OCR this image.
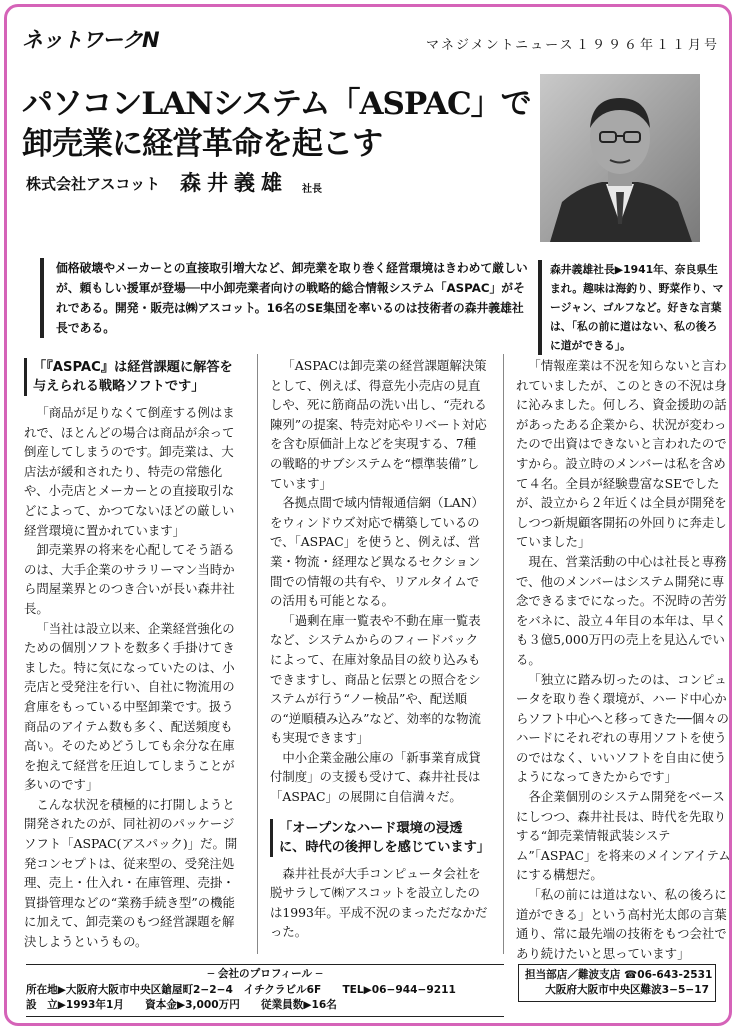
ネットワークN	マネジメントニュース １９９６年１１月号
パソコンLANシステム「ASPAC」で
卸売業に経営革命を起こす
株式会社アスコット 森井義雄 社長
価格破壊やメーカーとの直接取引増大など、卸売業を取り巻く経営環境はきわめて厳しいが、頼もしい援軍が登場──中小卸売業者向けの戦略的総合情報システム「ASPAC」がそれである。開発・販売は㈱アスコット。16名のSE集団を率いるのは技術者の森井義雄社長である。
森井義雄社長▶1941年、奈良県生まれ。趣味は海釣り、野菜作り、マージャン、ゴルフなど。好きな言葉は、「私の前に道はない、私の後ろに道ができる」。
「『ASPAC』は経営課題に解答を与えられる戦略ソフトです」

「商品が足りなくて倒産する例はまれで、ほとんどの場合は商品が余って倒産してしまうのです。卸売業は、大店法が緩和されたり、特売の常態化や、小売店とメーカーとの直接取引などによって、かつてないほどの厳しい経営環境に置かれています」

卸売業界の将来を心配してそう語るのは、大手企業のサラリーマン当時から問屋業界とのつき合いが長い森井社長。

「当社は設立以来、企業経営強化のための個別ソフトを数多く手掛けてきました。特に気になっていたのは、小売店と受発注を行い、自社に物流用の倉庫をもっている中堅卸業です。扱う商品のアイテム数も多く、配送頻度も高い。そのためどうしても余分な在庫を抱えて経営を圧迫してしまうことが多いのです」

こんな状況を積極的に打開しようと開発されたのが、同社初のパッケージソフト「ASPAC(アスパック)」だ。開発コンセプトは、従来型の、受発注処理、売上・仕入れ・在庫管理、売掛・買掛管理などの“業務手続き型”の機能に加えて、卸売業のもつ経営課題を解決しようというもの。

「ASPACは卸売業の経営課題解決策として、例えば、得意先小売店の見直しや、死に筋商品の洗い出し、“売れる陳列”の提案、特売対応やリベート対応を含む原価計上などを実現する、7種の戦略的サブシステムを“標準装備”しています」

各拠点間で域内情報通信網（LAN）をウィンドウズ対応で構築しているので、「ASPAC」を使うと、例えば、営業・物流・経理など異なるセクション間での情報の共有や、リアルタイムでの活用も可能となる。

「過剰在庫一覧表や不動在庫一覧表など、システムからのフィードバックによって、在庫対象品目の絞り込みもできますし、商品と伝票との照合をシステムが行う“ノー検品”や、配送順の“逆順積み込み”など、効率的な物流も実現できます」

中小企業金融公庫の「新事業育成貸付制度」の支援も受けて、森井社長は「ASPAC」の展開に自信満々だ。

「オープンなハード環境の浸透に、時代の後押しを感じています」

森井社長が大手コンピュータ会社を脱サラして㈱アスコットを設立したのは1993年。平成不況のまっただなかだった。

「情報産業は不況を知らないと言われていましたが、このときの不況は身に沁みました。何しろ、資金援助の話があったある企業から、状況が変わったので出資はできないと言われたのですから。設立時のメンバーは私を含めて４名。全員が経験豊富なSEでしたが、設立から２年近くは全員が開発をしつつ新規顧客開拓の外回りに奔走していました」

現在、営業活動の中心は社長と専務で、他のメンバーはシステム開発に専念できるまでになった。不況時の苦労をバネに、設立４年目の本年は、早くも３億5,000万円の売上を見込んでいる。

「独立に踏み切ったのは、コンピュータを取り巻く環境が、ハード中心からソフト中心へと移ってきた──個々のハードにそれぞれの専用ソフトを使うのではなく、いいソフトを自由に使うようになってきたからです」

各企業個別のシステム開発をベースにしつつ、森井社長は、時代を先取りする“卸売業情報武装システム”「ASPAC」を将来のメインアイテムにする構想だ。

「私の前には道はない、私の後ろに道ができる」という高村光太郎の言葉通り、常に最先端の技術をもつ会社であり続けたいと思っています」

─ 会社のプロフィール ─
所在地▶大阪府大阪市中央区鎗屋町2−2−4　イチクラビル6F　　TEL▶06−944−9211
設　立▶1993年1月　　資本金▶3,000万円　　従業員数▶16名
担当部店／難波支店 ☎06-643-2531
大阪府大阪市中央区難波3−5−17
